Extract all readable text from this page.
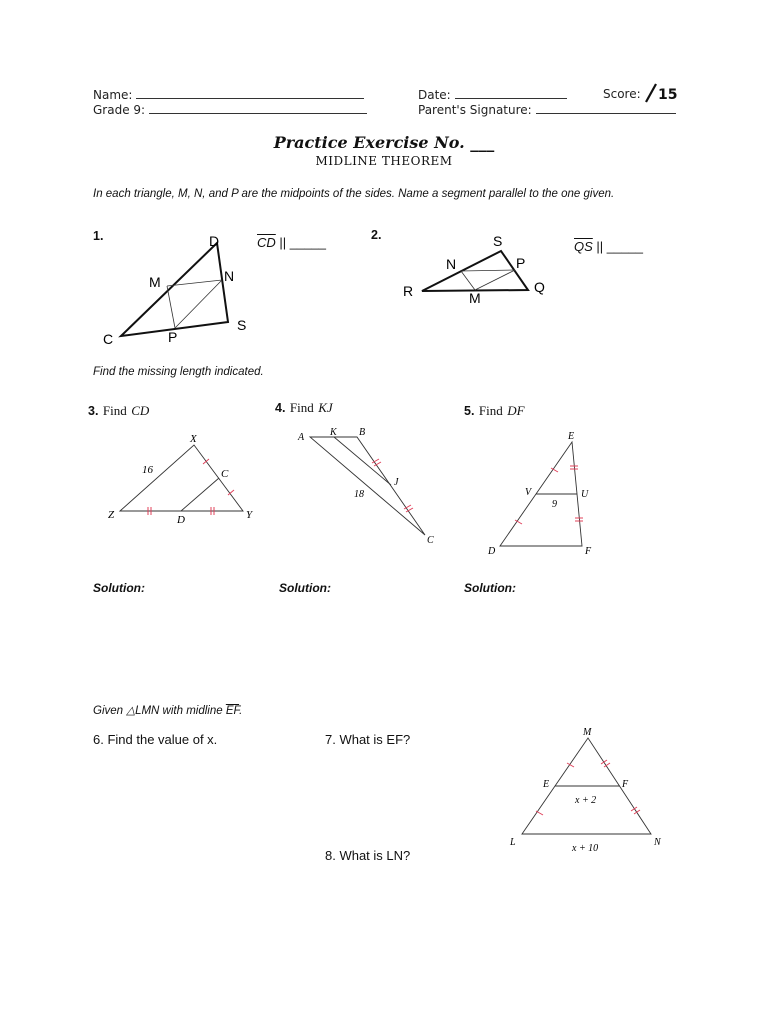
Name:
Grade 9:
Date:
Parent's Signature:
Score: 15
Practice Exercise No. ___
MIDLINE THEOREM
In each triangle, M, N, and P are the midpoints of the sides. Name a segment parallel to the one given.
1.	$\overline{CD}$ || _____
D
M	N
C	P
S
2.
$\overline{QS}$ || _____
S
N	P
R	M
Q
Find the missing length indicated.
3. Find CD
X
C
Z	D	Y
16
Solution:
4. Find KJ
A	K B
J
C
18
Solution:
5. Find DF
E
V	U
D	F
9
Solution:
Given △LMN with midline $\overline{EF}$.
6. Find the value of x.	7. What is EF?
8. What is LN?
M
E	F
L	N
x + 2
x + 10
